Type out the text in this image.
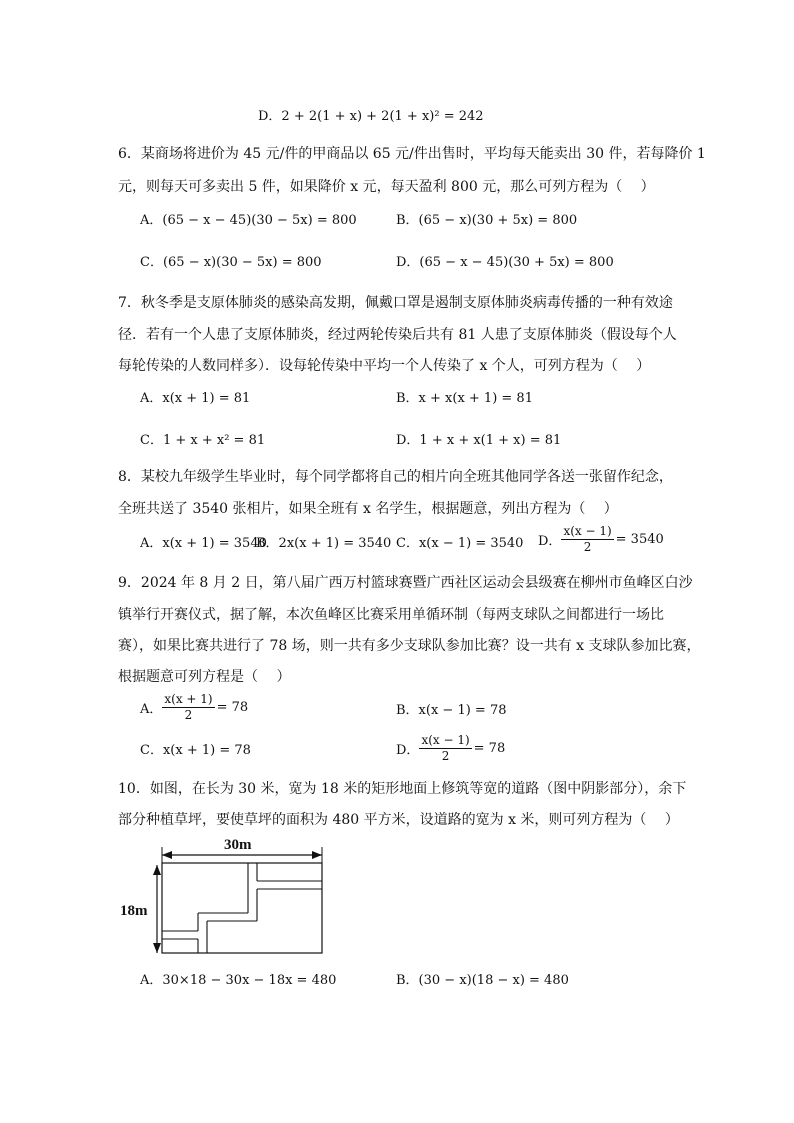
D．2 + 2(1 + x) + 2(1 + x)² = 242
6．某商场将进价为 45 元/件的甲商品以 65 元/件出售时，平均每天能卖出 30 件，若每降价 1
元，则每天可多卖出 5 件，如果降价 x 元，每天盈利 800 元，那么可列方程为（　 ）
A．(65 − x − 45)(30 − 5x) = 800	B．(65 − x)(30 + 5x) = 800
C．(65 − x)(30 − 5x) = 800	D．(65 − x − 45)(30 + 5x) = 800
7．秋冬季是支原体肺炎的感染高发期，佩戴口罩是遏制支原体肺炎病毒传播的一种有效途
径．若有一个人患了支原体肺炎，经过两轮传染后共有 81 人患了支原体肺炎（假设每个人
每轮传染的人数同样多）．设每轮传染中平均一个人传染了 x 个人，可列方程为（　 ）
A．x(x + 1) = 81	B．x + x(x + 1) = 81
C．1 + x + x² = 81	D．1 + x + x(1 + x) = 81
8．某校九年级学生毕业时，每个同学都将自己的相片向全班其他同学各送一张留作纪念，
全班共送了 3540 张相片，如果全班有 x 名学生，根据题意，列出方程为（　 ）
A．x(x + 1) = 3540
B．2x(x + 1) = 3540 C．x(x − 1) = 3540 D． $\frac{x(x - 1)}{2} = 3540$
9．2024 年 8 月 2 日，第八届广西万村篮球赛暨广西社区运动会县级赛在柳州市鱼峰区白沙
镇举行开赛仪式，据了解，本次鱼峰区比赛采用单循环制（每两支球队之间都进行一场比
赛），如果比赛共进行了 78 场，则一共有多少支球队参加比赛？设一共有 x 支球队参加比赛，
根据题意可列方程是（　 ）
A． $\frac{x(x + 1)}{2} = 78$	B．x(x − 1) = 78
C．x(x + 1) = 78	D． $\frac{x(x - 1)}{2} = 78$
10．如图，在长为 30 米，宽为 18 米的矩形地面上修筑等宽的道路（图中阴影部分），余下
部分种植草坪，要使草坪的面积为 480 平方米，设道路的宽为 x 米，则可列方程为（　 ）
30m
18m
A．30×18 − 30x − 18x = 480	B．(30 − x)(18 − x) = 480
